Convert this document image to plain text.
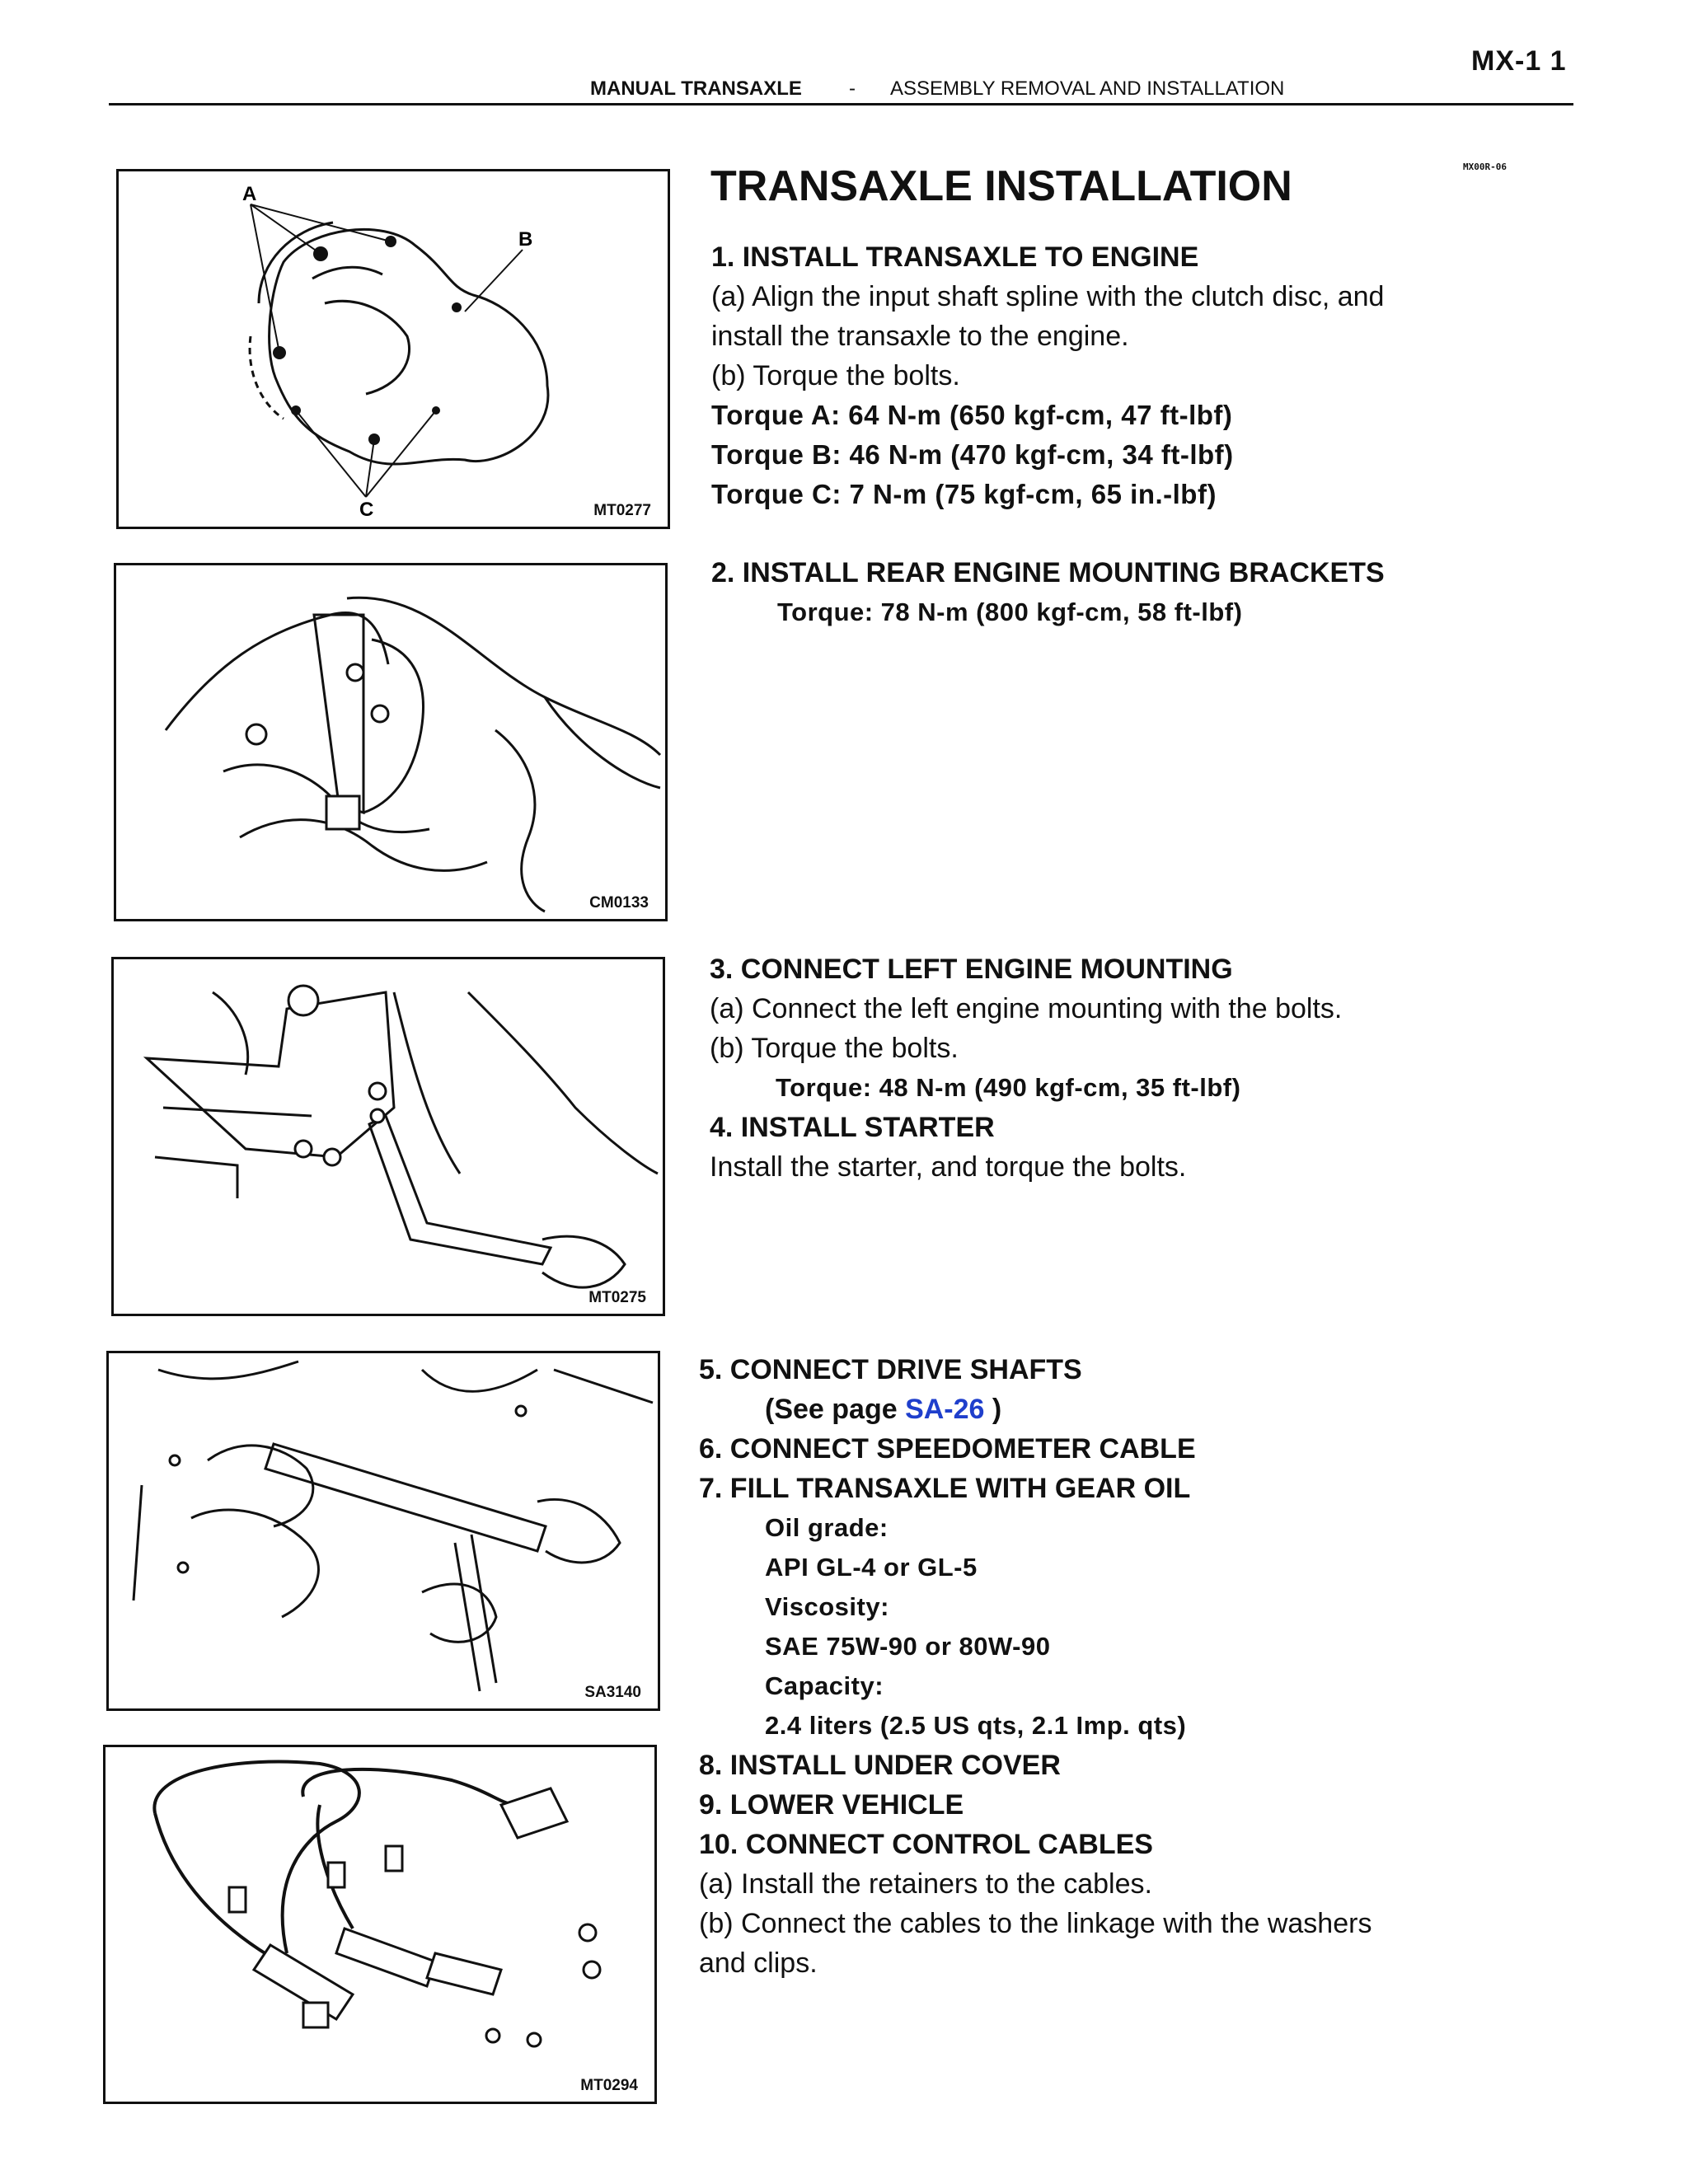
MX-1 1
MANUAL TRANSAXLE - ASSEMBLY REMOVAL AND INSTALLATION
MX00R-06
A
B
C	MT0277
TRANSAXLE INSTALLATION
1. INSTALL TRANSAXLE TO ENGINE
(a) Align the input shaft spline with the clutch disc, and
install the transaxle to the engine.
(b) Torque the bolts.
Torque A: 64 N-m (650 kgf-cm, 47 ft-lbf)
Torque B: 46 N-m (470 kgf-cm, 34 ft-lbf)
Torque C: 7 N-m (75 kgf-cm, 65 in.-lbf)
CM0133
2. INSTALL REAR ENGINE MOUNTING BRACKETS
Torque: 78 N-m (800 kgf-cm, 58 ft-lbf)
MT0275
3. CONNECT LEFT ENGINE MOUNTING
(a) Connect the left engine mounting with the bolts.
(b) Torque the bolts.
Torque: 48 N-m (490 kgf-cm, 35 ft-lbf)
4. INSTALL STARTER
Install the starter, and torque the bolts.
SA3140
MT0294
5. CONNECT DRIVE SHAFTS
(See page SA-26 )
6. CONNECT SPEEDOMETER CABLE
7. FILL TRANSAXLE WITH GEAR OIL
Oil grade:
API GL-4 or GL-5
Viscosity:
SAE 75W-90 or 80W-90
Capacity:
2.4 liters (2.5 US qts, 2.1 Imp. qts)
8. INSTALL UNDER COVER
9. LOWER VEHICLE
10. CONNECT CONTROL CABLES
(a) Install the retainers to the cables.
(b) Connect the cables to the linkage with the washers
and clips.
